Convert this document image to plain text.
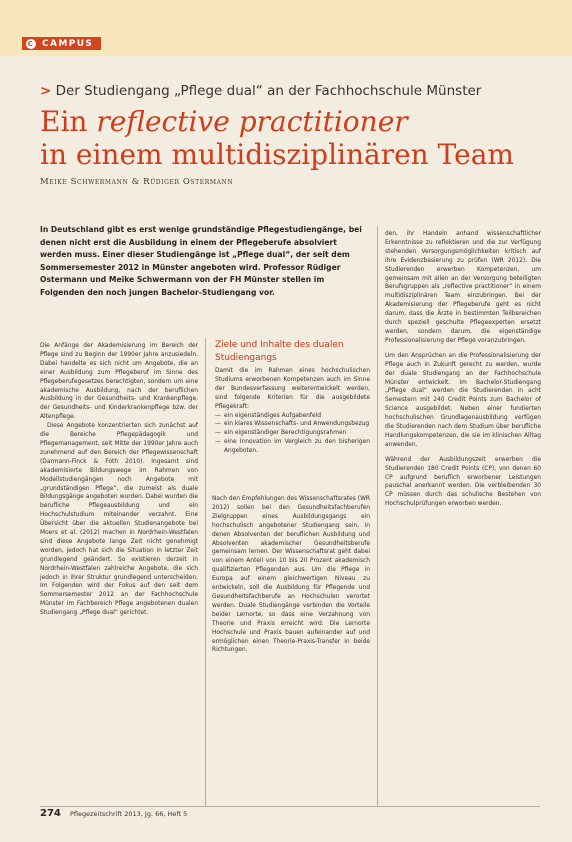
C CAMPUS
> Der Studiengang „Pflege dual“ an der Fachhochschule Münster
Ein reflective practitioner
in einem multidisziplinären Team
Meike Schwermann & Rüdiger Ostermann
In Deutschland gibt es erst wenige grundständige Pflegestudiengänge, bei denen nicht erst die Ausbildung in einem der Pflegeberufe absolviert werden muss. Einer dieser Studiengänge ist „Pflege dual“, der seit dem Sommersemester 2012 in Münster angeboten wird. Professor Rüdiger Ostermann und Meike Schwermann von der FH Münster stellen im Folgenden den noch jungen Bachelor-Studiengang vor.

Die Anfänge der Akademisierung im Bereich der Pflege sind zu Beginn der 1990er Jahre anzusiedeln. Dabei handelte es sich nicht um Angebote, die an einer Ausbildung zum Pflegeberuf im Sinne des Pflegeberufegesetzes berechtigten, sondern um eine akademische Ausbildung, nach der beruflichen Ausbildung in der Gesundheits- und Krankenpflege, der Gesundheits- und Kinderkrankenpflege bzw. der Altenpflege.

Diese Angebote konzentrierten sich zunächst auf die Bereiche Pflegepädagogik und Pflegemanagement, seit Mitte der 1990er Jahre auch zunehmend auf den Bereich der Pflegewissenschaft (Darmann-Finck & Foth 2010). Ingesamt sind akademisierte Bildungswege im Rahmen von Modellstudiengängen noch Angebote mit „grundständigen Pflege“, die zumeist als duale Bildungsgänge angeboten wurden. Dabei wurden die berufliche Pflegeausbildung und ein Hochschulstudium miteinander verzahnt. Eine Übersicht über die aktuellen Studienangebote bei Moers et al. (2012) machen in Nordrhein-Westfalen sind diese Angebote lange Zeit nicht genehmigt worden, jedoch hat sich die Situation in letzter Zeit grundlegend geändert. So existieren derzeit in Nordrhein-Westfalen zahlreiche Angebote, die sich jedoch in ihrer Struktur grundlegend unterscheiden. Im Folgenden wird der Fokus auf den seit dem Sommersemester 2012 an der Fachhochschule Münster im Fachbereich Pflege angebotenen dualen Studiengang „Pflege dual“ gerichtet.

Ziele und Inhalte des dualen Studiengangs

Damit die im Rahmen eines hochschulischen Studiums erworbenen Kompetenzen auch im Sinne der Bundesverfassung weiterentwickelt werden, sind folgende Kriterien für die ausgebildete Pflegekraft:

— ein eigenständiges Aufgabenfeld
— ein klares Wissenschafts- und Anwendungsbezug
— ein eigenständiger Berechtigungsrahmen
— eine Innovation im Vergleich zu den bisherigen Angeboten.

Nach den Empfehlungen des Wissenschaftsrates (WR 2012) sollen bei den Gesundheitsfachberufen Zielgruppen eines Ausbildungsgangs ein hochschulisch angebotener Studiengang sein, in denen Absolventen der beruflichen Ausbildung und Absolventen akademischer Gesundheitsberufe gemeinsam lernen. Der Wissenschaftsrat geht dabei von einem Anteil von 10 bis 20 Prozent akademisch qualifizierten Pflegenden aus. Um die Pflege in Europa auf einem gleichwertigen Niveau zu entwickeln, soll die Ausbildung für Pflegende und Gesundheitsfachberufe an Hochschulen verortet werden. Duale Studiengänge verbinden die Vorteile beider Lernorte, so dass eine Verzahnung von Theorie und Praxis erreicht wird. Die Lernorte Hochschule und Praxis bauen aufeinander auf und ermöglichen einen Theorie-Praxis-Transfer in beide Richtungen.

den, ihr Handeln anhand wissenschaftlicher Erkenntnisse zu reflektieren und die zur Verfügung stehenden Versorgungsmöglichkeiten kritisch auf ihre Evidenzbasierung zu prüfen (WR 2012). Die Studierenden erwerben Kompetenzen, um gemeinsam mit allen an der Versorgung beteiligten Berufsgruppen als „reflective practitioner“ in einem multidisziplinären Team einzubringen. Bei der Akademisierung der Pflegeberufe geht es nicht darum, dass die Ärzte in bestimmten Teilbereichen durch speziell geschulte Pflegeexperten ersetzt werden, sondern darum, die eigenständige Professionalisierung der Pflege voranzubringen.

Um den Ansprüchen an die Professionalisierung der Pflege auch in Zukunft gerecht zu werden, wurde der duale Studiengang an der Fachhochschule Münster entwickelt. Im Bachelor-Studiengang „Pflege dual“ werden die Studierenden in acht Semestern mit 240 Credit Points zum Bachelor of Science ausgebildet. Neben einer fundierten hochschulischen Grundlagenausbildung verfügen die Studierenden nach dem Studium über berufliche Handlungskompetenzen, die sie im klinischen Alltag anwenden.

Während der Ausbildungszeit erwerben die Studierenden 180 Credit Points (CP), von denen 60 CP aufgrund beruflich erworbener Leistungen pauschal anerkannt werden. Die verbleibenden 30 CP müssen durch das schulische Bestehen von Hochschulprüfungen erworben werden.

274 Pflegezeitschrift 2013, Jg. 66, Heft 5
